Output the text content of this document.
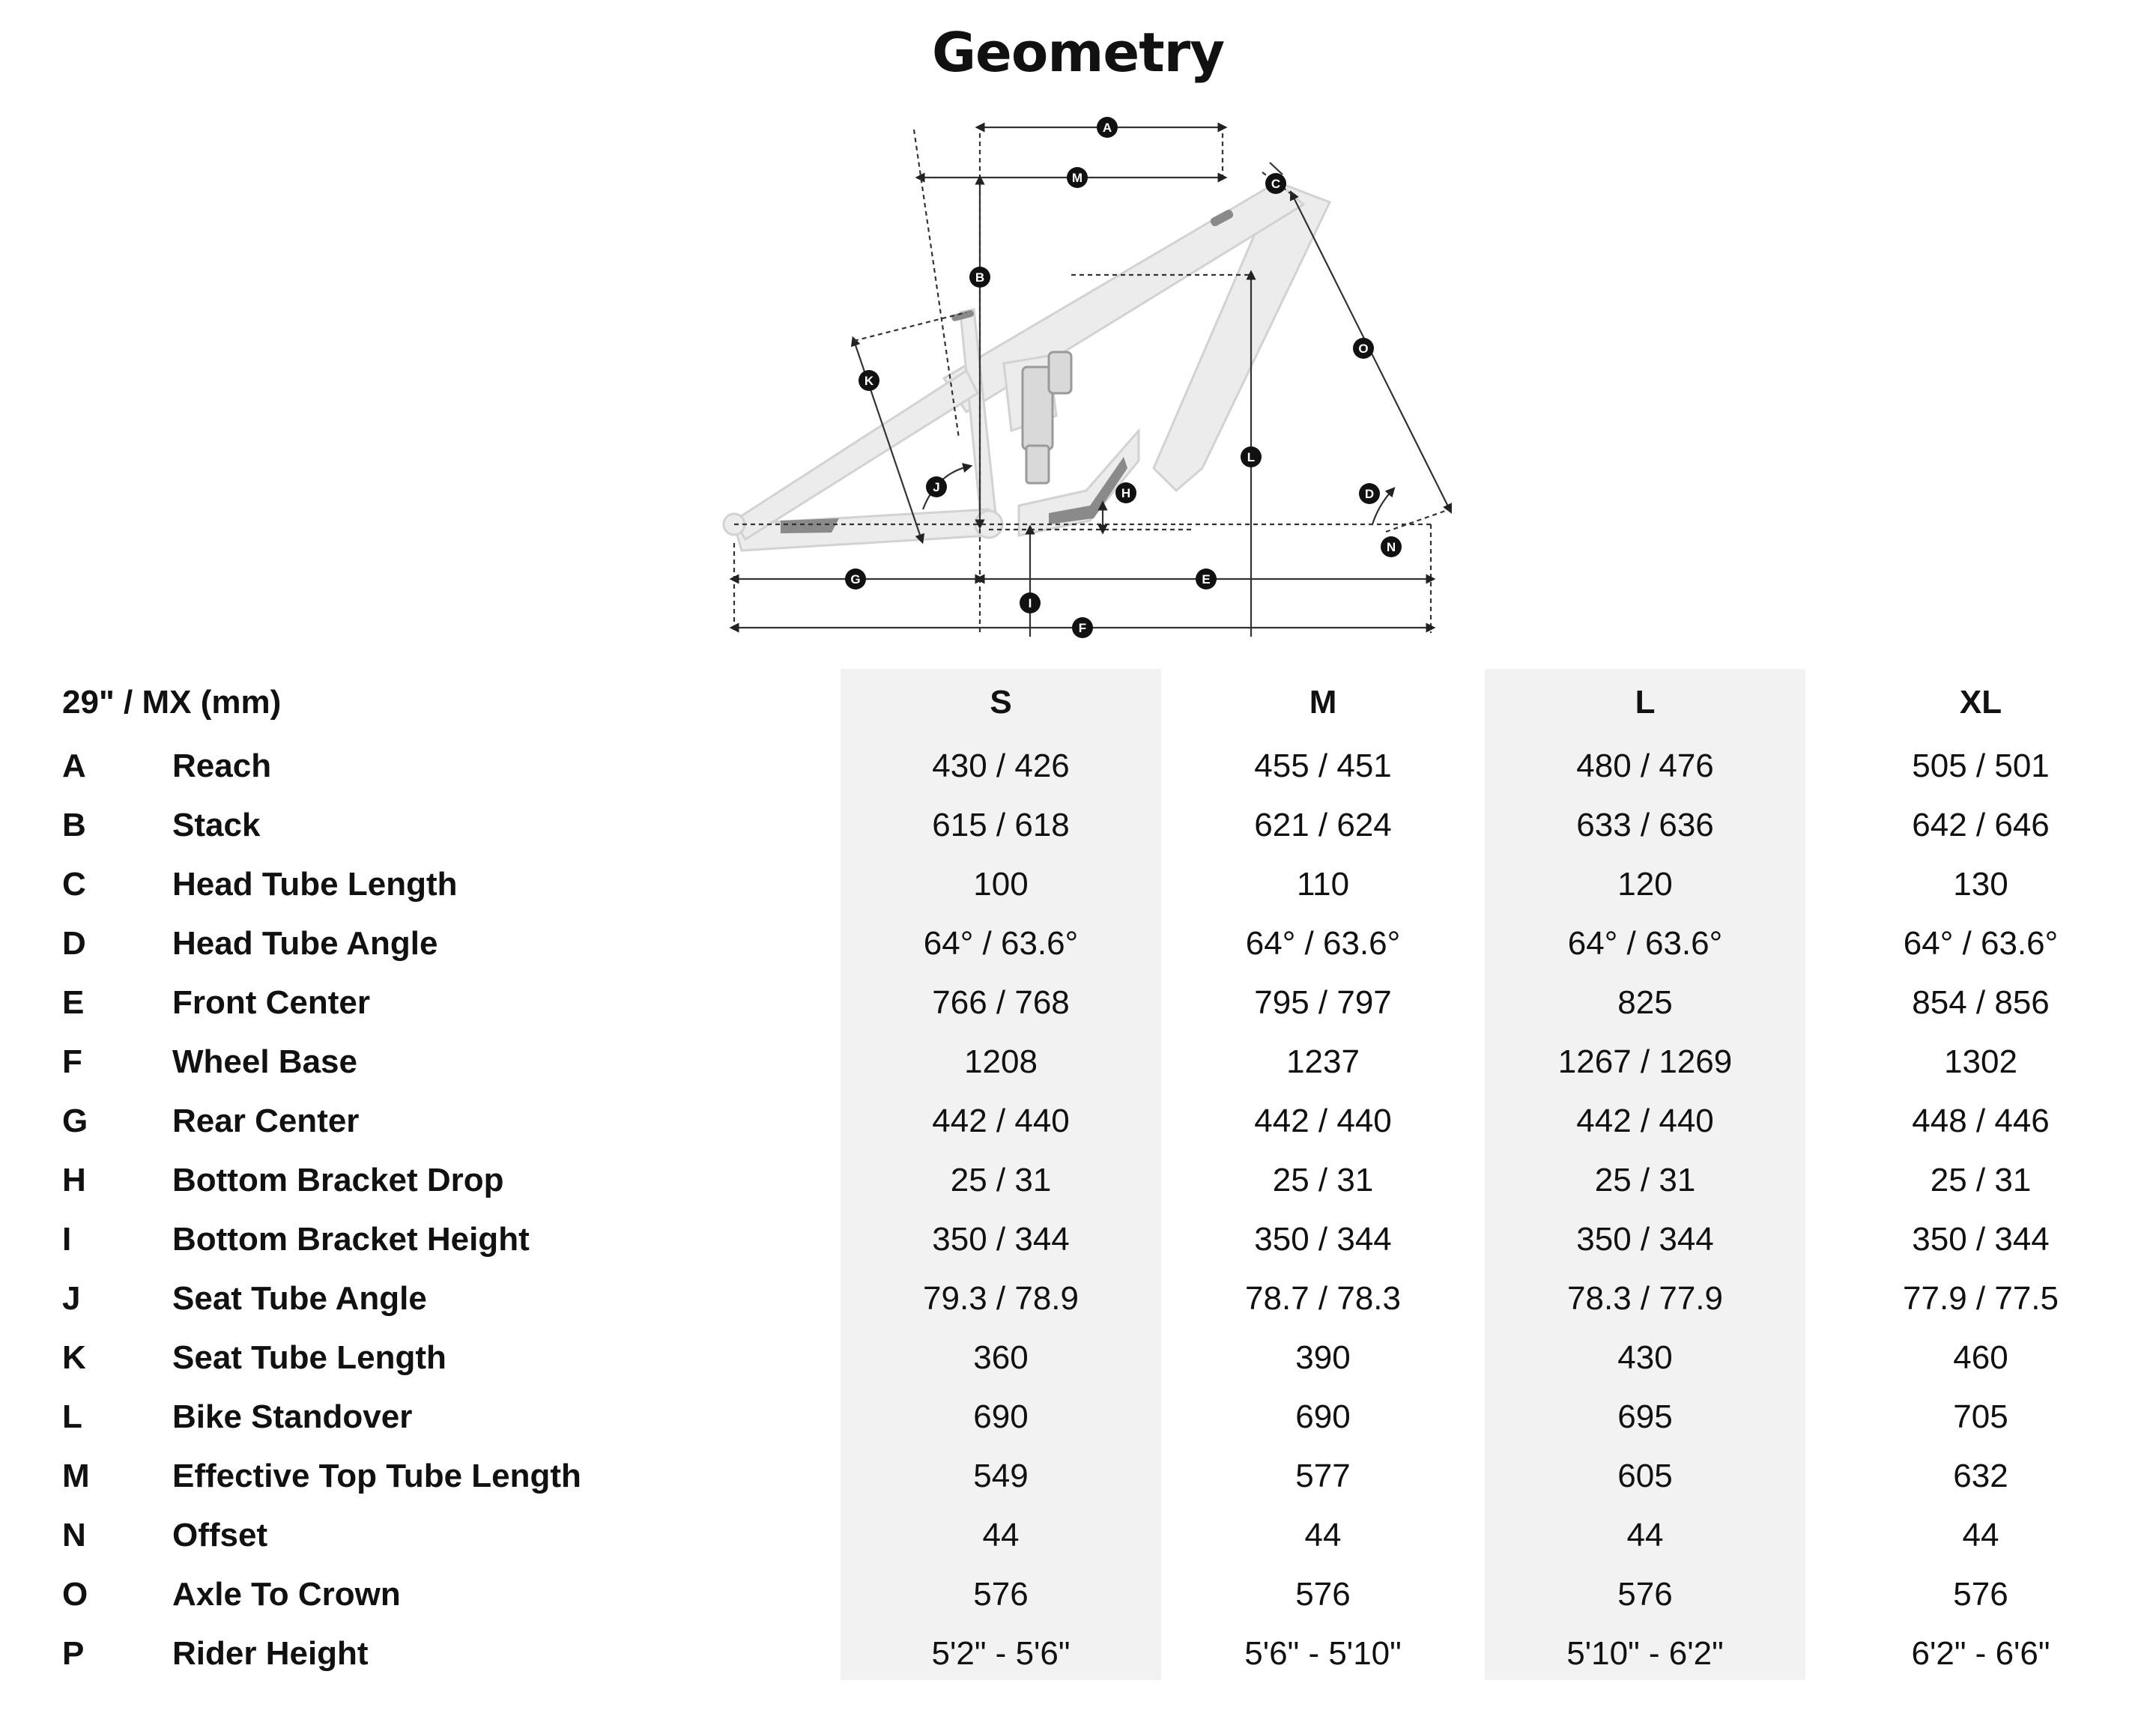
Geometry
A
M	C
B
O
K
L
J	H	D
N
G	E
I
F
29" / MX (mm)		S	M	L	XL
A	Reach	430 / 426	455 / 451	480 / 476	505 / 501
B	Stack	615 / 618	621 / 624	633 / 636	642 / 646
C	Head Tube Length	100	110	120	130
D	Head Tube Angle	64° / 63.6°	64° / 63.6°	64° / 63.6°	64° / 63.6°
E	Front Center	766 / 768	795 / 797	825	854 / 856
F	Wheel Base	1208	1237	1267 / 1269	1302
G	Rear Center	442 / 440	442 / 440	442 / 440	448 / 446
H	Bottom Bracket Drop	25 / 31	25 / 31	25 / 31	25 / 31
I	Bottom Bracket Height	350 / 344	350 / 344	350 / 344	350 / 344
J	Seat Tube Angle	79.3 / 78.9	78.7 / 78.3	78.3 / 77.9	77.9 / 77.5
K	Seat Tube Length	360	390	430	460
L	Bike Standover	690	690	695	705
M	Effective Top Tube Length	549	577	605	632
N	Offset	44	44	44	44
O	Axle To Crown	576	576	576	576
P	Rider Height	5'2" - 5'6"	5'6" - 5'10"	5'10" - 6'2"	6'2" - 6'6"
